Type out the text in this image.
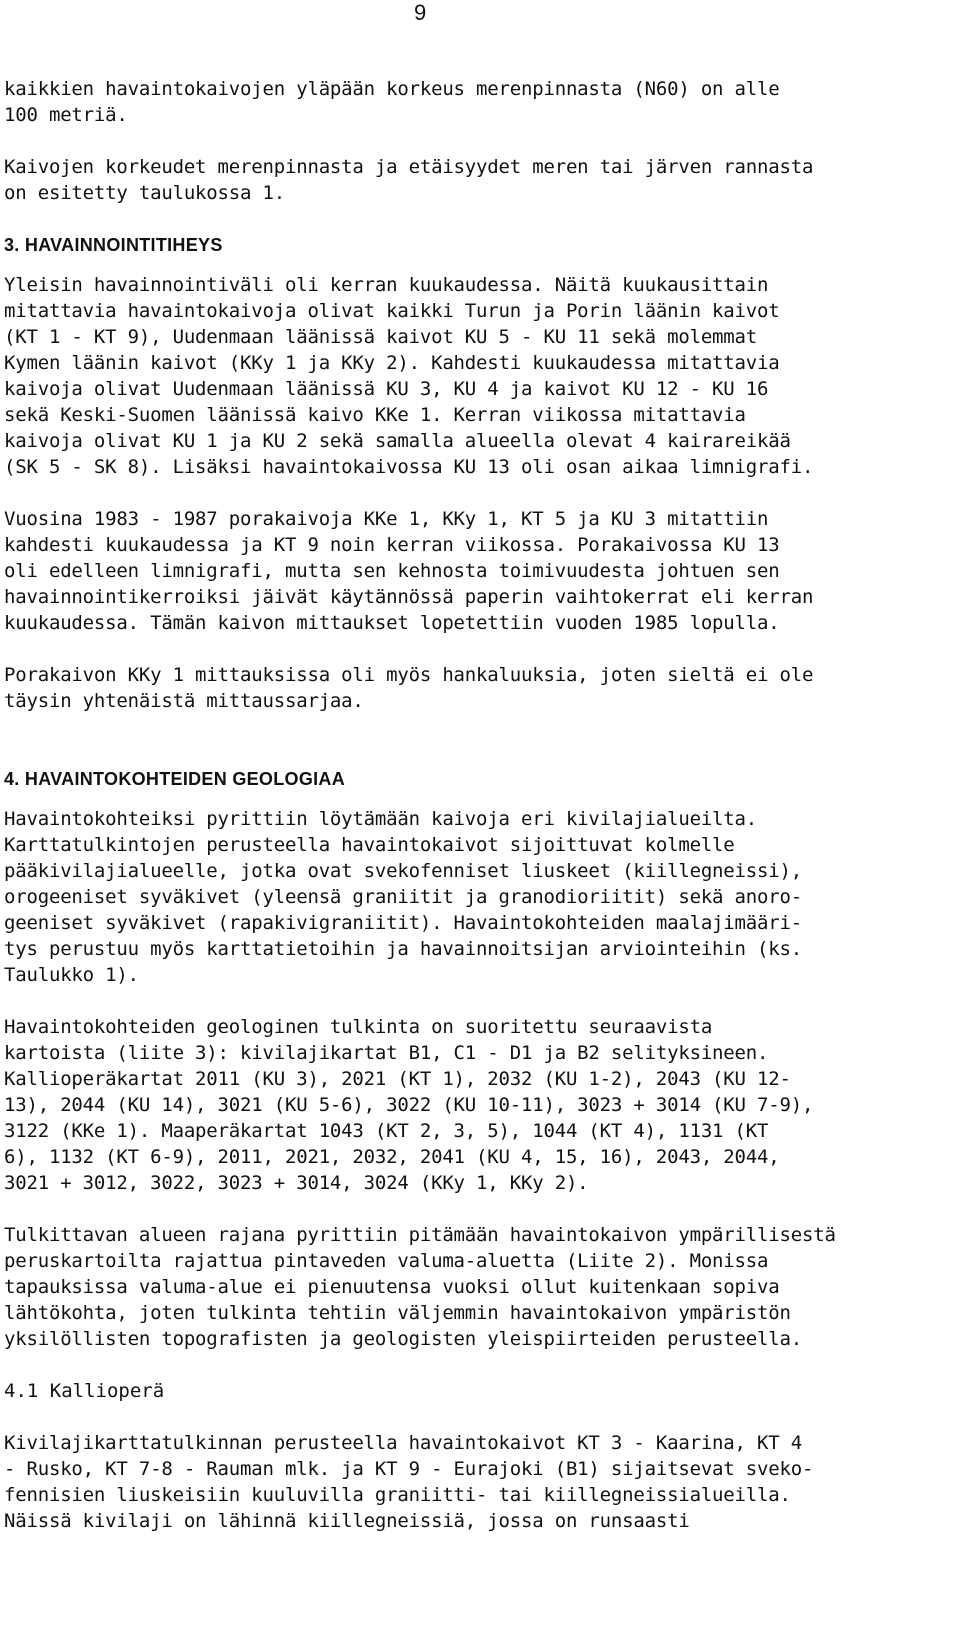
9
kaikkien havaintokaivojen yläpään korkeus merenpinnasta (N60) on alle
100 metriä.
Kaivojen korkeudet merenpinnasta ja etäisyydet meren tai järven rannasta
on esitetty taulukossa 1.
3. HAVAINNOINTITIHEYS
Yleisin havainnointiväli oli kerran kuukaudessa. Näitä kuukausittain
mitattavia havaintokaivoja olivat kaikki Turun ja Porin läänin kaivot
(KT 1 - KT 9), Uudenmaan läänissä kaivot KU 5 - KU 11 sekä molemmat
Kymen läänin kaivot (KKy 1 ja KKy 2). Kahdesti kuukaudessa mitattavia
kaivoja olivat Uudenmaan läänissä KU 3, KU 4 ja kaivot KU 12 - KU 16
sekä Keski-Suomen läänissä kaivo KKe 1. Kerran viikossa mitattavia
kaivoja olivat KU 1 ja KU 2 sekä samalla alueella olevat 4 kairareikää
(SK 5 - SK 8). Lisäksi havaintokaivossa KU 13 oli osan aikaa limnigrafi.
Vuosina 1983 - 1987 porakaivoja KKe 1, KKy 1, KT 5 ja KU 3 mitattiin
kahdesti kuukaudessa ja KT 9 noin kerran viikossa. Porakaivossa KU 13
oli edelleen limnigrafi, mutta sen kehnosta toimivuudesta johtuen sen
havainnointikerroiksi jäivät käytännössä paperin vaihtokerrat eli kerran
kuukaudessa. Tämän kaivon mittaukset lopetettiin vuoden 1985 lopulla.
Porakaivon KKy 1 mittauksissa oli myös hankaluuksia, joten sieltä ei ole
täysin yhtenäistä mittaussarjaa.
4. HAVAINTOKOHTEIDEN GEOLOGIAA
Havaintokohteiksi pyrittiin löytämään kaivoja eri kivilajialueilta.
Karttatulkintojen perusteella havaintokaivot sijoittuvat kolmelle
pääkivilajialueelle, jotka ovat svekofenniset liuskeet (kiillegneissi),
orogeeniset syväkivet (yleensä graniitit ja granodioriitit) sekä anoro-
geeniset syväkivet (rapakivigraniitit). Havaintokohteiden maalajimääri-
tys perustuu myös karttatietoihin ja havainnoitsijan arviointeihin (ks.
Taulukko 1).
Havaintokohteiden geologinen tulkinta on suoritettu seuraavista
kartoista (liite 3): kivilajikartat B1, C1 - D1 ja B2 selityksineen.
Kallioperäkartat 2011 (KU 3), 2021 (KT 1), 2032 (KU 1-2), 2043 (KU 12-
13), 2044 (KU 14), 3021 (KU 5-6), 3022 (KU 10-11), 3023 + 3014 (KU 7-9),
3122 (KKe 1). Maaperäkartat 1043 (KT 2, 3, 5), 1044 (KT 4), 1131 (KT
6), 1132 (KT 6-9), 2011, 2021, 2032, 2041 (KU 4, 15, 16), 2043, 2044,
3021 + 3012, 3022, 3023 + 3014, 3024 (KKy 1, KKy 2).
Tulkittavan alueen rajana pyrittiin pitämään havaintokaivon ympärillisestä
peruskartoilta rajattua pintaveden valuma-aluetta (Liite 2). Monissa
tapauksissa valuma-alue ei pienuutensa vuoksi ollut kuitenkaan sopiva
lähtökohta, joten tulkinta tehtiin väljemmin havaintokaivon ympäristön
yksilöllisten topografisten ja geologisten yleispiirteiden perusteella.
4.1 Kallioperä
Kivilajikarttatulkinnan perusteella havaintokaivot KT 3 - Kaarina, KT 4
- Rusko, KT 7-8 - Rauman mlk. ja KT 9 - Eurajoki (B1) sijaitsevat sveko-
fennisien liuskeisiin kuuluvilla graniitti- tai kiillegneissialueilla.
Näissä kivilaji on lähinnä kiillegneissiä, jossa on runsaasti
